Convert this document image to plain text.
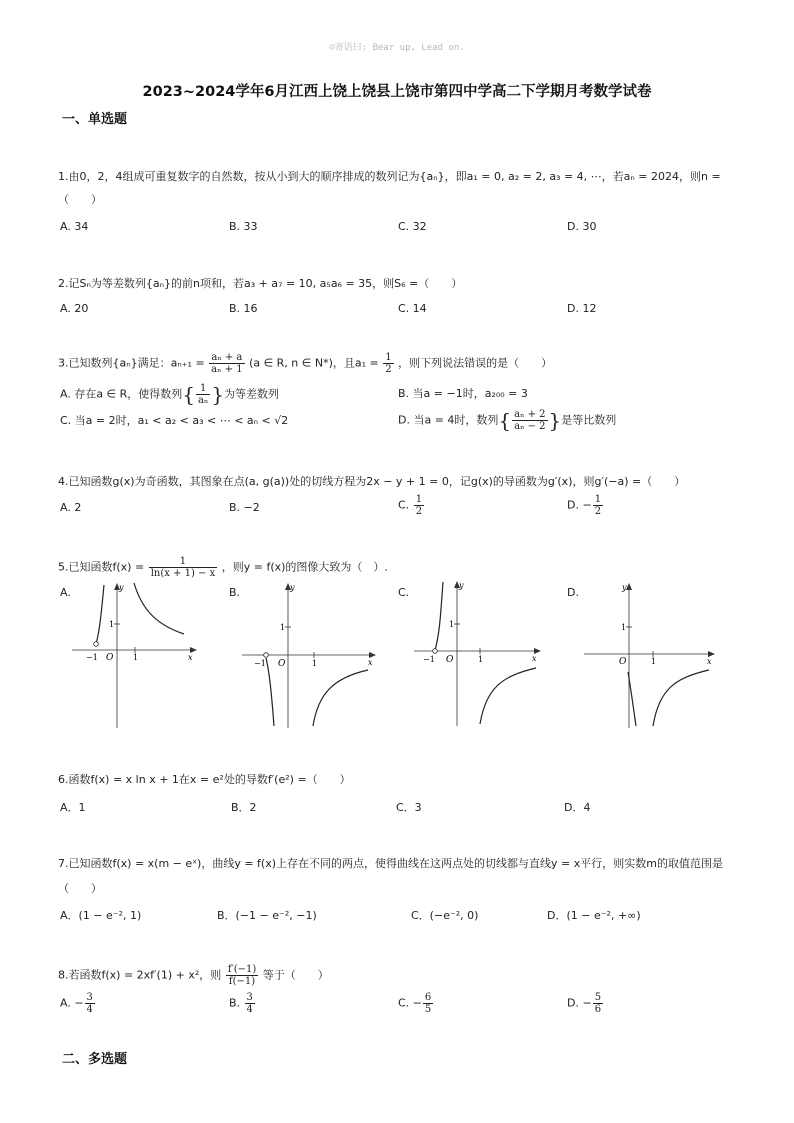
☺寄语曰: Bear up, Lead on.
2023~2024学年6月江西上饶上饶县上饶市第四中学高二下学期月考数学试卷
一、单选题
1.由0，2，4组成可重复数字的自然数，按从小到大的顺序排成的数列记为{aₙ}，即a₁ = 0, a₂ = 2, a₃ = 4, ⋯，若aₙ = 2024，则n =
（　　）
A. 34	B. 33	C. 32	D. 30
2.记Sₙ为等差数列{aₙ}的前n项和，若a₃ + a₇ = 10, a₅a₆ = 35，则S₆ =（　　）
A. 20	B. 16	C. 14	D. 12
3.已知数列{aₙ}满足：$a_{n+1} = \frac{\text{aₙ + a}}{\text{aₙ + 1}} (a$ ∈ R, n ∈ N*)，且$a_1 = \frac{1}{2}$ ，则下列说法错误的是（　　）
A. 存在a ∈ R，使得数列{ $\frac{1}{\text{aₙ}}$ }为等差数列	B. 当a = −1时，a₂₀₀ = 3
C. 当a = 2时，a₁ < a₂ < a₃ < ⋯ < aₙ < √2	D. 当a = 4时，数列{ $\frac{\text{aₙ + 2}}{\text{aₙ − 2}}$ }是等比数列
4.已知函数g(x)为奇函数，其图象在点(a, g(a))处的切线方程为2x − y + 1 = 0，记g(x)的导函数为g′(x)，则g′(−a) =（　　）
A. 2	B. −2	C. $\frac{1}{2}$	D. − $\frac{1}{2}$
5.已知函数$f(x) = \frac{1}{\ln(x + 1) - x}$ ，则y = f(x)的图像大致为（　）.
A.	B.	C.	D.
y
x
O
1
1
−1
y
x
O
1
1
−1
y
x
O
1
1
−1
y
x
O
1
1
6.函数f(x) = x ln x + 1在x = e²处的导数f′(e²) =（　　）
A．1	B．2	C．3	D．4
7.已知函数f(x) = x(m − eˣ)，曲线y = f(x)上存在不同的两点，使得曲线在这两点处的切线都与直线y = x平行，则实数m的取值范围是
（　　）
A．(1 − e⁻², 1)	B．(−1 − e⁻², −1)	C．(−e⁻², 0)	D．(1 − e⁻², +∞)
8.若函数f(x) = 2xf′(1) + x²，则 $\frac{f'(-1)}{f(-1)}$ 等于（　　）
A. − $\frac{3}{4}$	B. $\frac{3}{4}$	C. − $\frac{6}{5}$	D. − $\frac{5}{6}$
二、多选题
